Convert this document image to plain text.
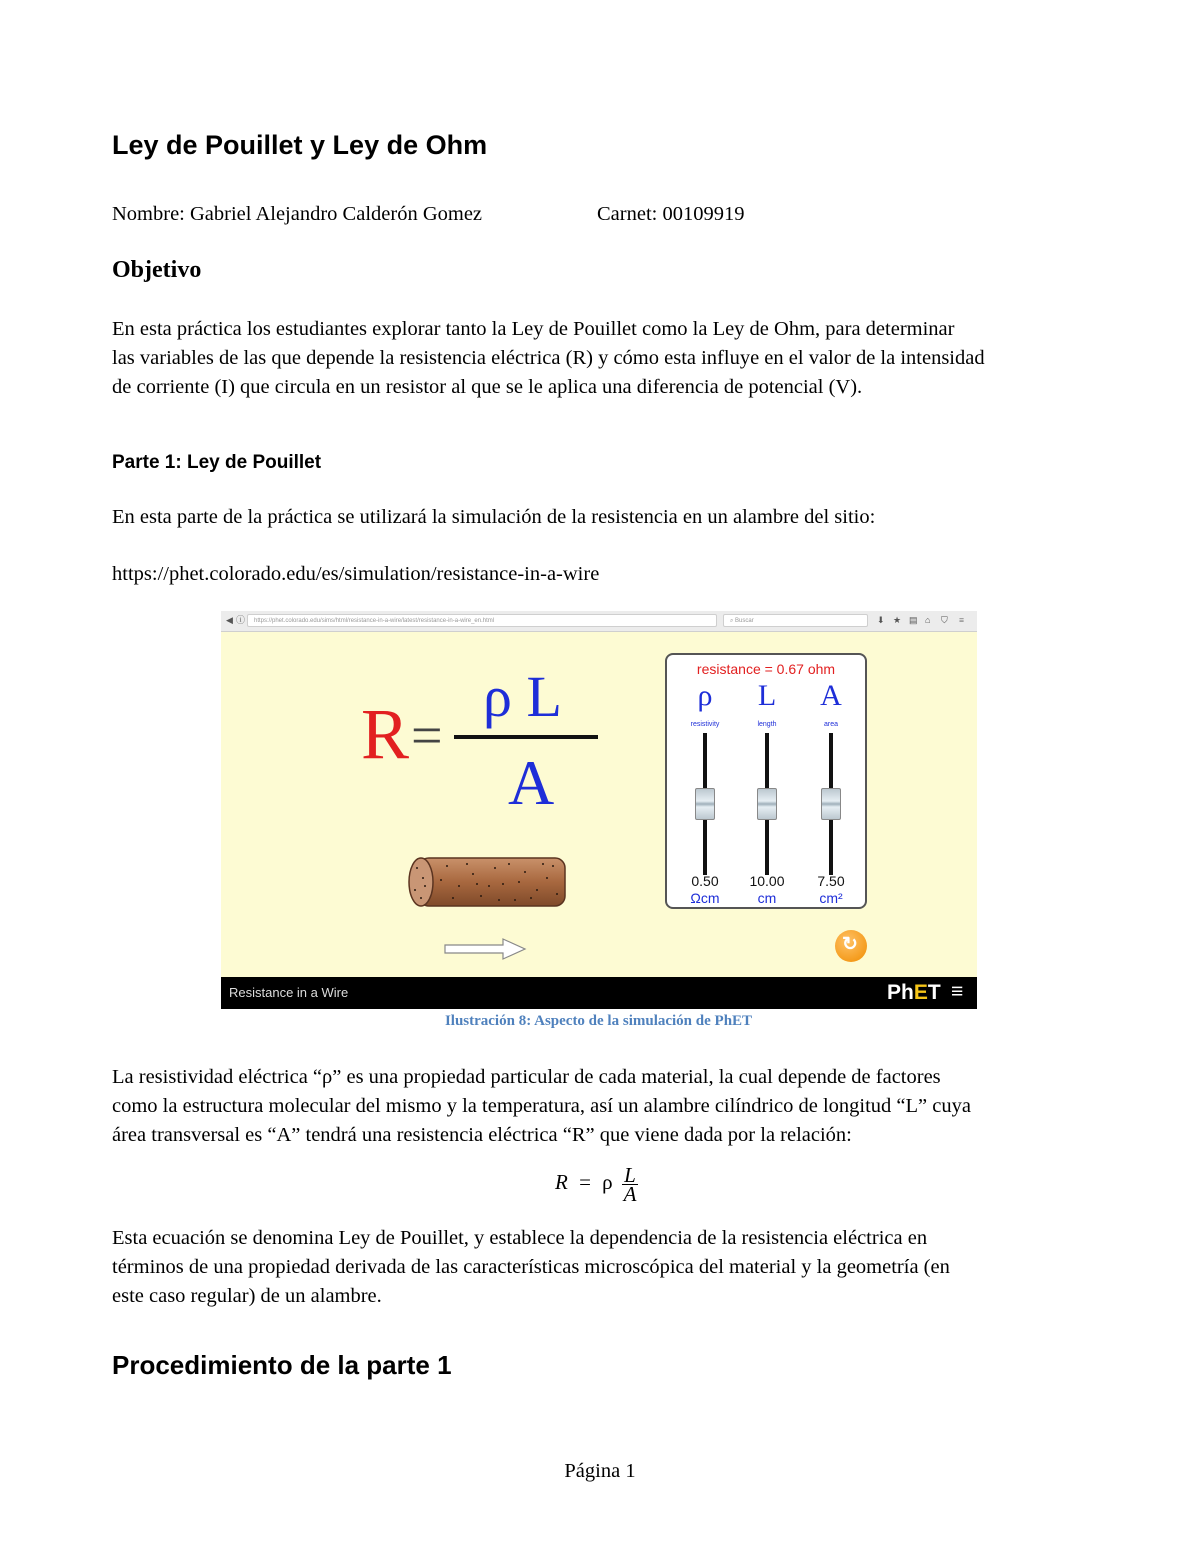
Ley de Pouillet y Ley de Ohm
Nombre: Gabriel Alejandro Calderón Gomez	Carnet: 00109919
Objetivo

En esta práctica los estudiantes explorar tanto la Ley de Pouillet como la Ley de Ohm, para determinar

las variables de las que depende la resistencia eléctrica (R) y cómo esta influye en el valor de la intensidad

de corriente (I) que circula en un resistor al que se le aplica una diferencia de potencial (V).

Parte 1: Ley de Pouillet
En esta parte de la práctica se utilizará la simulación de la resistencia en un alambre del sitio:
https://phet.colorado.edu/es/simulation/resistance-in-a-wire
◀ ⓘ	https://phet.colorado.edu/sims/html/resistance-in-a-wire/latest/resistance-in-a-wire_en.html	⌕ Buscar	⬇ ★ ▤ ⌂ ⛉ ≡
R =
ρ L
A
resistance = 0.67 ohm
ρ
resistivity
0.50
Ωcm
L
length
10.00
cm
A
area
7.50
cm²
↻
Resistance in a Wire	PhET ≡
Ilustración 8: Aspecto de la simulación de PhET

La resistividad eléctrica “ρ” es una propiedad particular de cada material, la cual depende de factores

como la estructura molecular del mismo y la temperatura, así un alambre cilíndrico de longitud “L” cuya

área transversal es “A” tendrá una resistencia eléctrica “R” que viene dada por la relación:

R = ρ $\frac{L}{A}$

Esta ecuación se denomina Ley de Pouillet, y establece la dependencia de la resistencia eléctrica en

términos de una propiedad derivada de las características microscópica del material y la geometría (en

este caso regular) de un alambre.

Procedimiento de la parte 1
Página 1
